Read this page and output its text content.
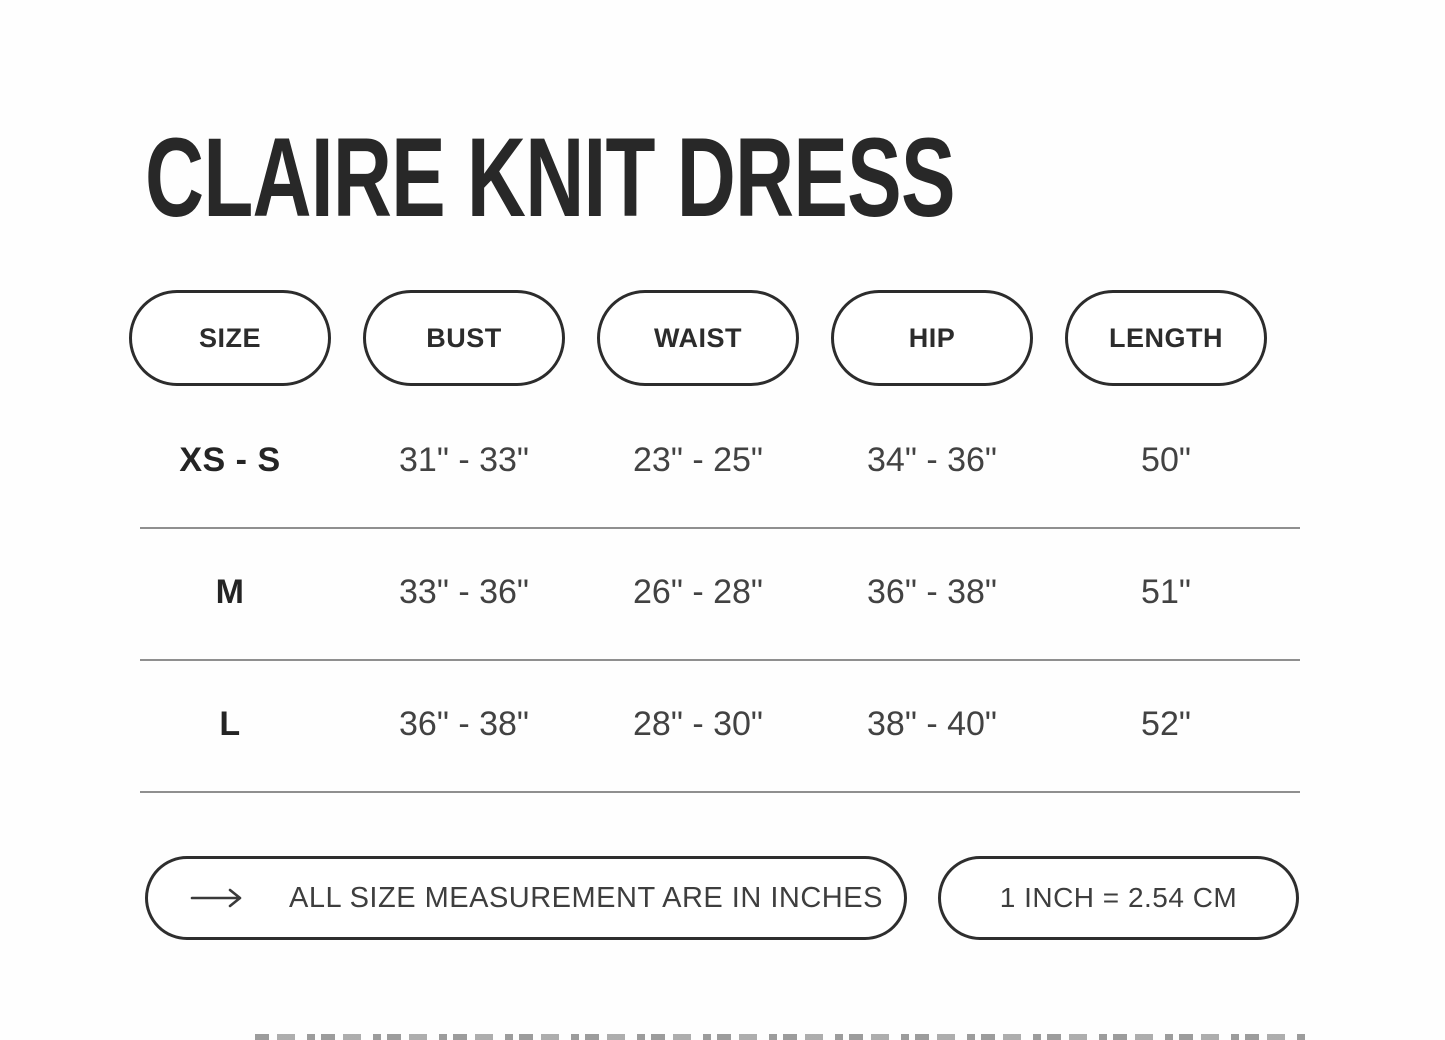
CLAIRE KNIT DRESS
SIZE	BUST	WAIST	HIP	LENGTH
XS - S	31" - 33"	23" - 25"	34" - 36"	50"
M	33" - 36"	26" - 28"	36" - 38"	51"
L	36" - 38"	28" - 30"	38" - 40"	52"
ALL SIZE MEASUREMENT ARE IN INCHES	1 INCH = 2.54 CM
